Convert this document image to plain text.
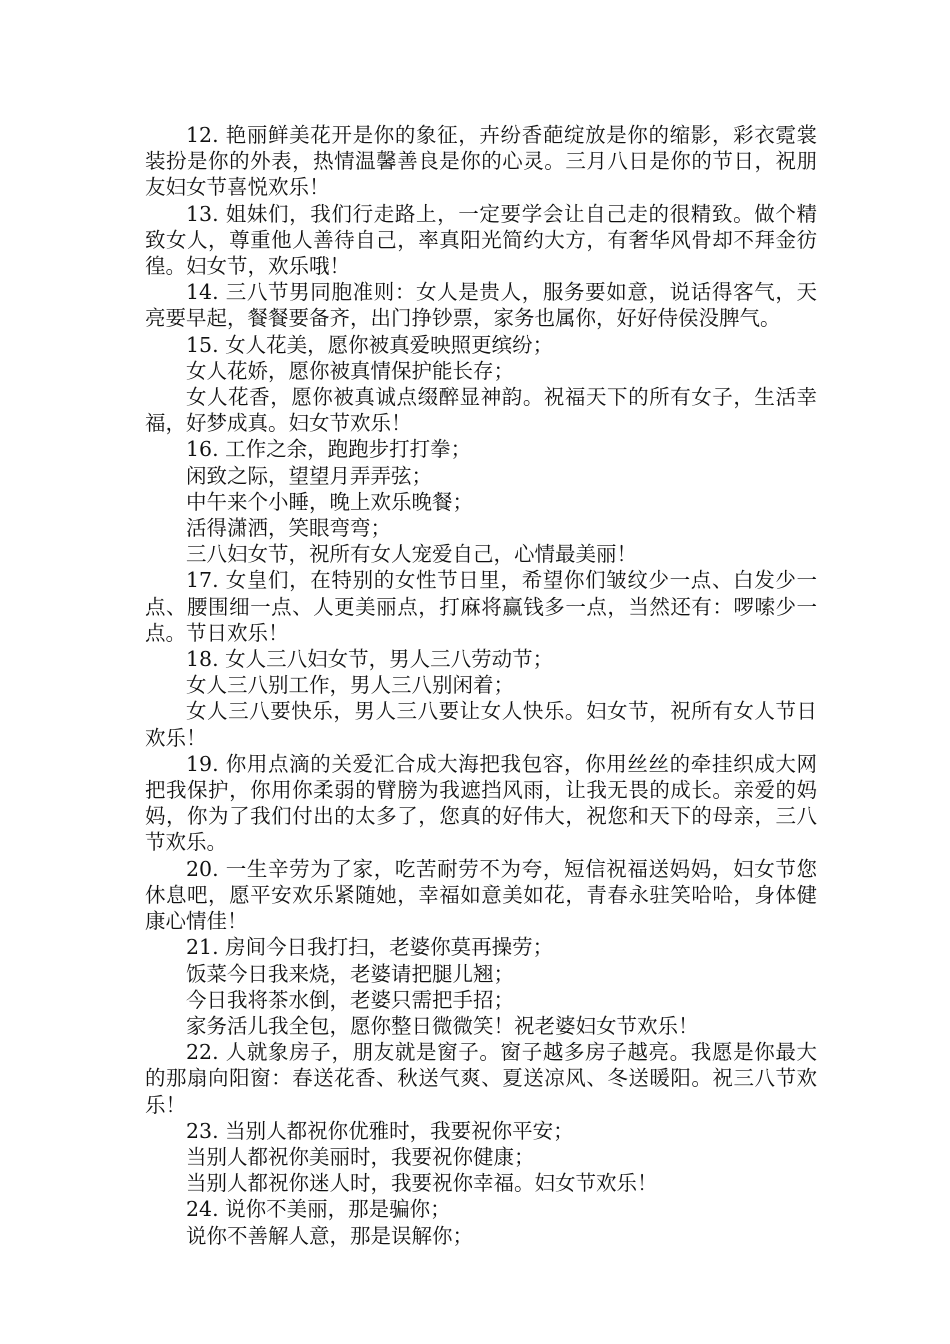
12. 艳丽鲜美花开是你的象征，卉纷香葩绽放是你的缩影，彩衣霓裳装扮是你的外表，热情温馨善良是你的心灵。三月八日是你的节日，祝朋友妇女节喜悦欢乐！

13. 姐妹们，我们行走路上，一定要学会让自己走的很精致。做个精致女人，尊重他人善待自己，率真阳光简约大方，有奢华风骨却不拜金彷徨。妇女节，欢乐哦！

14. 三八节男同胞准则：女人是贵人，服务要如意，说话得客气，天亮要早起，餐餐要备齐，出门挣钞票，家务也属你，好好侍侯没脾气。

15. 女人花美，愿你被真爱映照更缤纷；

女人花娇，愿你被真情保护能长存；

女人花香，愿你被真诚点缀醉显神韵。祝福天下的所有女子，生活幸福，好梦成真。妇女节欢乐！

16. 工作之余，跑跑步打打拳；

闲致之际，望望月弄弄弦；

中午来个小睡，晚上欢乐晚餐；

活得潇洒，笑眼弯弯；

三八妇女节，祝所有女人宠爱自己，心情最美丽！

17. 女皇们，在特别的女性节日里，希望你们皱纹少一点、白发少一点、腰围细一点、人更美丽点，打麻将赢钱多一点，当然还有：啰嗦少一点。节日欢乐！

18. 女人三八妇女节，男人三八劳动节；

女人三八别工作，男人三八别闲着；

女人三八要快乐，男人三八要让女人快乐。妇女节，祝所有女人节日欢乐！

19. 你用点滴的关爱汇合成大海把我包容，你用丝丝的牵挂织成大网把我保护，你用你柔弱的臂膀为我遮挡风雨，让我无畏的成长。亲爱的妈妈，你为了我们付出的太多了，您真的好伟大，祝您和天下的母亲，三八节欢乐。

20. 一生辛劳为了家，吃苦耐劳不为夸，短信祝福送妈妈，妇女节您休息吧，愿平安欢乐紧随她，幸福如意美如花，青春永驻笑哈哈，身体健康心情佳！

21. 房间今日我打扫，老婆你莫再操劳；

饭菜今日我来烧，老婆请把腿儿翘；

今日我将茶水倒，老婆只需把手招；

家务活儿我全包，愿你整日微微笑！祝老婆妇女节欢乐！

22. 人就象房子，朋友就是窗子。窗子越多房子越亮。我愿是你最大的那扇向阳窗：春送花香、秋送气爽、夏送凉风、冬送暖阳。祝三八节欢乐！

23. 当别人都祝你优雅时，我要祝你平安；

当别人都祝你美丽时，我要祝你健康；

当别人都祝你迷人时，我要祝你幸福。妇女节欢乐！

24. 说你不美丽，那是骗你；

说你不善解人意，那是误解你；
